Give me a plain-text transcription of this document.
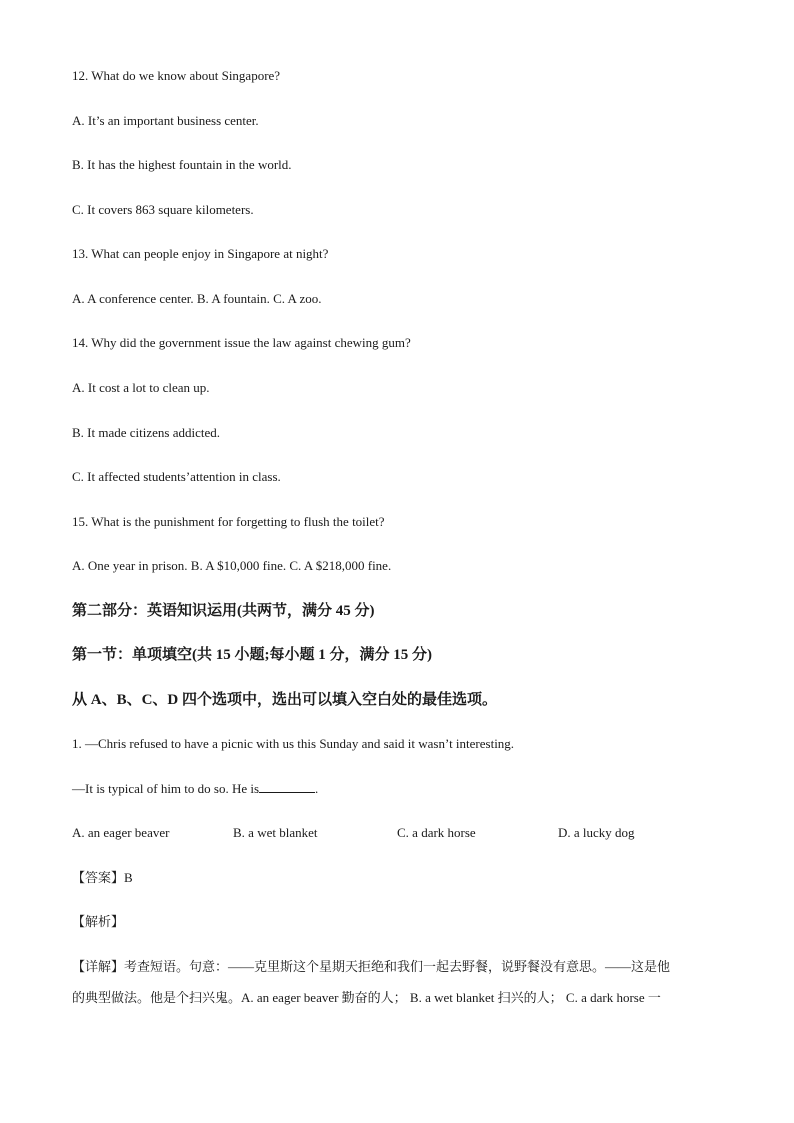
12. What do we know about Singapore?

A. It’s an important business center.

B. It has the highest fountain in the world.

C. It covers 863 square kilometers.

13. What can people enjoy in Singapore at night?

A. A conference center. B. A fountain. C. A zoo.

14. Why did the government issue the law against chewing gum?

A. It cost a lot to clean up.

B. It made citizens addicted.

C. It affected students’attention in class.

15. What is the punishment for forgetting to flush the toilet?

A. One year in prison. B. A $10,000 fine. C. A $218,000 fine.

第二部分：英语知识运用(共两节，满分 45 分)

第一节：单项填空(共 15 小题;每小题 1 分，满分 15 分)

从 A、B、C、D 四个选项中，选出可以填入空白处的最佳选项。

1. —Chris refused to have a picnic with us this Sunday and said it wasn’t interesting.

—It is typical of him to do so. He is	.

A. an eager beaver	B. a wet blanket	C. a dark horse	D. a lucky dog

【答案】B

【解析】

【详解】考查短语。句意：——克里斯这个星期天拒绝和我们一起去野餐，说野餐没有意思。——这是他

的典型做法。他是个扫兴鬼。A. an eager beaver 勤奋的人； B. a wet blanket 扫兴的人； C. a dark horse 一
